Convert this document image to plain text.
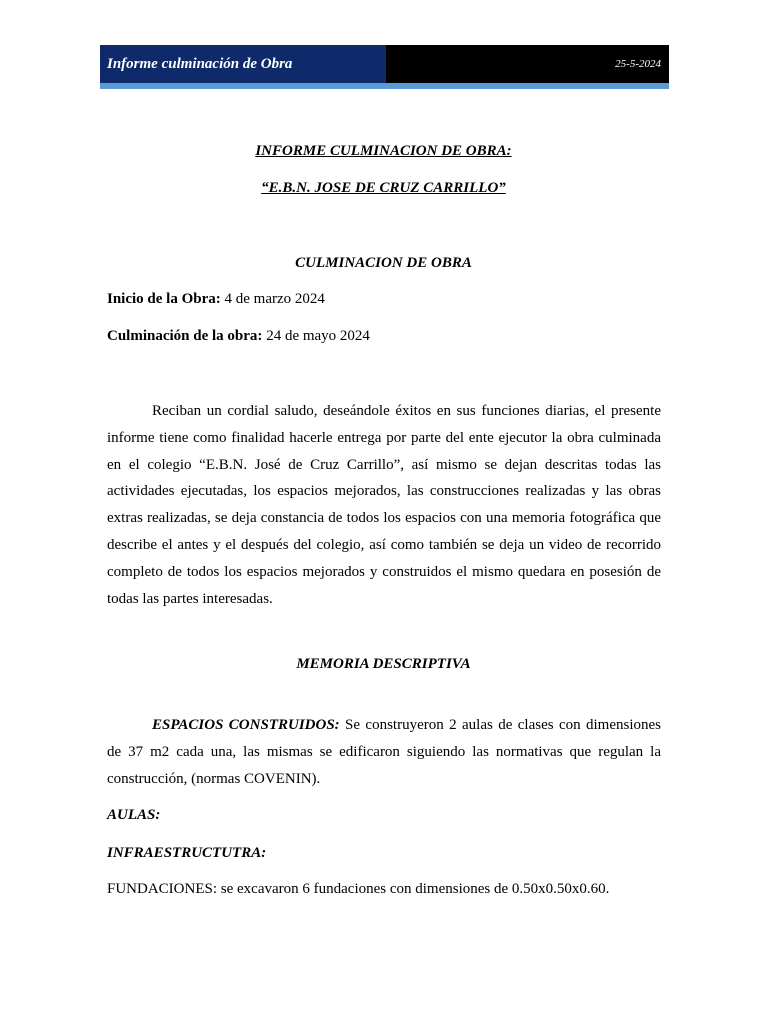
Informe culminación de Obra	25-5-2024
INFORME CULMINACION DE OBRA:
“E.B.N. JOSE DE CRUZ CARRILLO”
CULMINACION DE OBRA
Inicio de la Obra: 4 de marzo 2024
Culminación de la obra: 24 de mayo 2024

Reciban un cordial saludo, deseándole éxitos en sus funciones diarias, el presente informe tiene como finalidad hacerle entrega por parte del ente ejecutor la obra culminada en el colegio “E.B.N. José de Cruz Carrillo”, así mismo se dejan descritas todas las actividades ejecutadas, los espacios mejorados, las construcciones realizadas y las obras extras realizadas, se deja constancia de todos los espacios con una memoria fotográfica que describe el antes y el después del colegio, así como también se deja un video de recorrido completo de todos los espacios mejorados y construidos el mismo quedara en posesión de todas las partes interesadas.

MEMORIA DESCRIPTIVA

ESPACIOS CONSTRUIDOS: Se construyeron 2 aulas de clases con dimensiones de 37 m2 cada una, las mismas se edificaron siguiendo las normativas que regulan la construcción, (normas COVENIN).

AULAS:
INFRAESTRUCTUTRA:
FUNDACIONES: se excavaron 6 fundaciones con dimensiones de 0.50x0.50x0.60.
